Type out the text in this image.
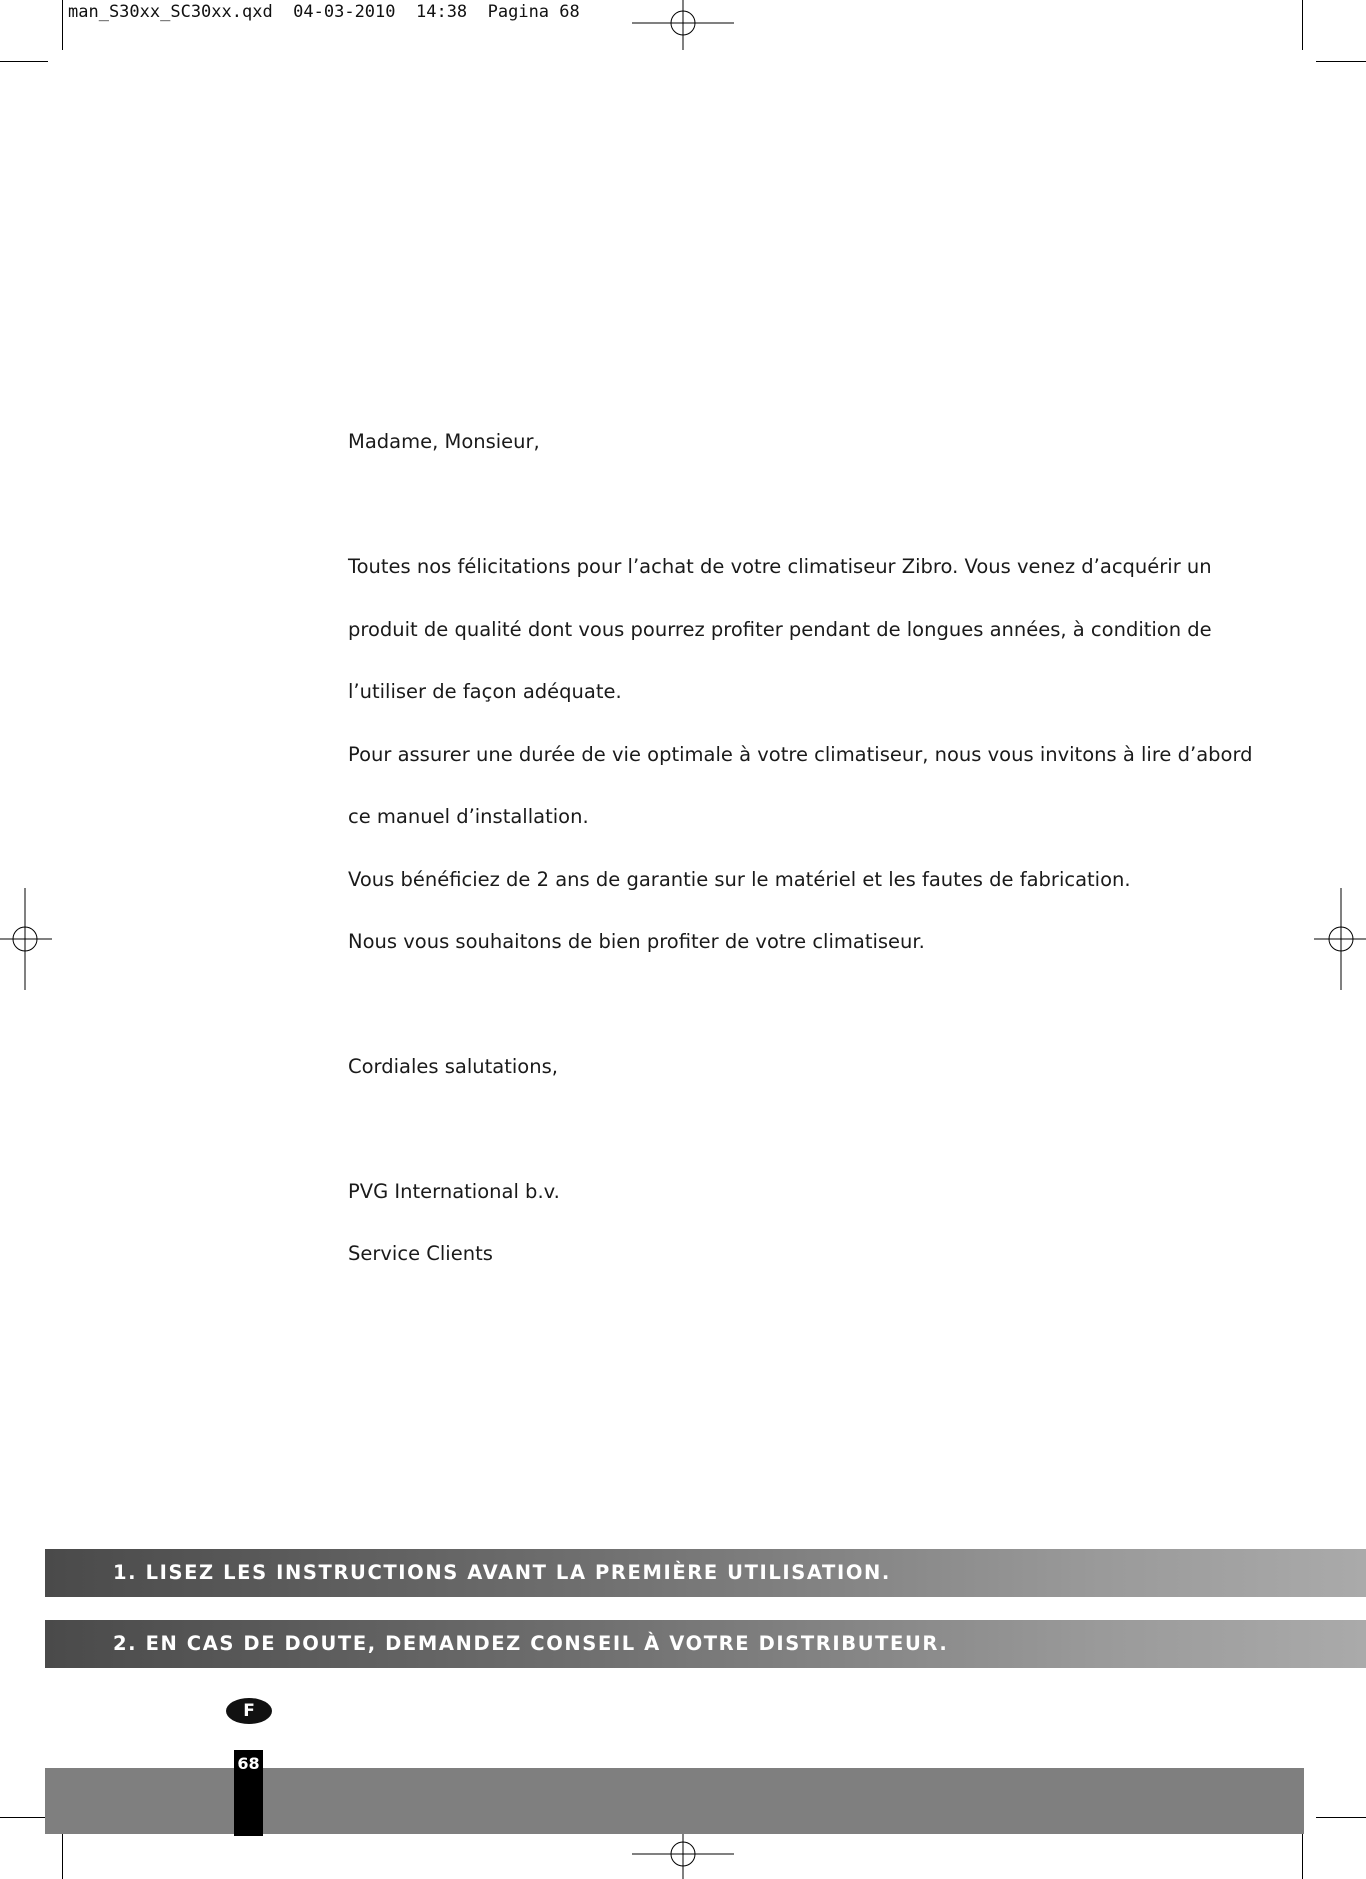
man_S30xx_SC30xx.qxd  04-03-2010  14:38  Pagina 68

Madame, Monsieur,

Toutes nos félicitations pour l’achat de votre climatiseur Zibro. Vous venez d’acquérir un

produit de qualité dont vous pourrez profiter pendant de longues années, à condition de

l’utiliser de façon adéquate.

Pour assurer une durée de vie optimale à votre climatiseur, nous vous invitons à lire d’abord

ce manuel d’installation.

Vous bénéficiez de 2 ans de garantie sur le matériel et les fautes de fabrication.

Nous vous souhaitons de bien profiter de votre climatiseur.

Cordiales salutations,

PVG International b.v.

Service Clients

1. LISEZ LES INSTRUCTIONS AVANT LA PREMIÈRE UTILISATION.
2. EN CAS DE DOUTE, DEMANDEZ CONSEIL À VOTRE DISTRIBUTEUR.
F
68
